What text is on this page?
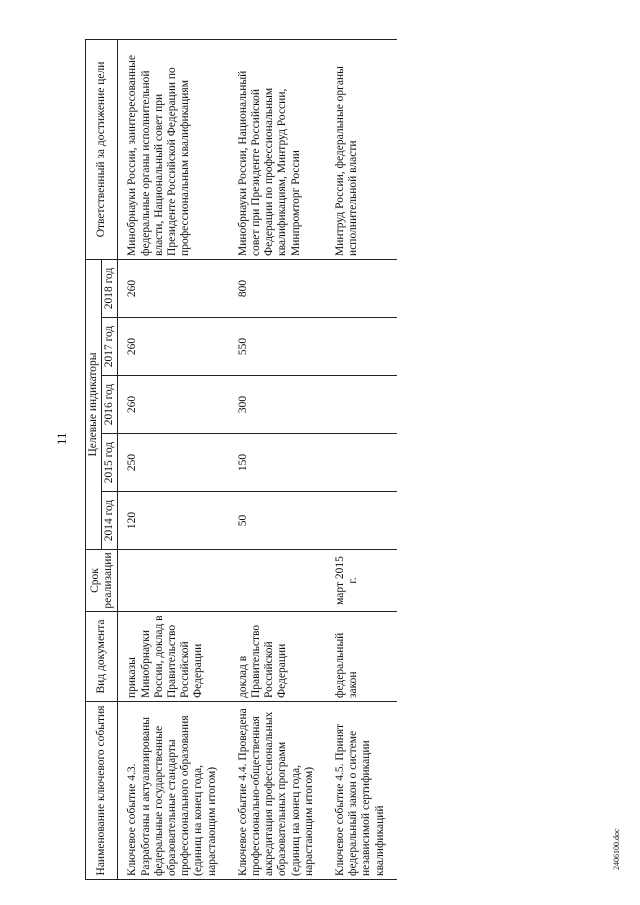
11
Наименование ключевого события	Вид документа	Срок реализации	Целевые индикаторы					Ответственный за достижение цели
			2014 год	2015 год	2016 год	2017 год	2018 год	
Ключевое событие 4.3. Разработаны и актуализированы федеральные государственные образовательные стандарты профессионального образования (единиц на конец года, нарастающим итогом)	приказы Минобрнауки России, доклад в Правительство Российской Федерации		120	250	260	260	260	Минобрнауки России, заинтересованные федеральные органы исполнительной власти, Национальный совет при Президенте Российской Федерации по профессиональным квалификациям
Ключевое событие 4.4. Проведена профессионально-общественная аккредитация профессиональных образовательных программ (единиц на конец года, нарастающим итогом)	доклад в Правительство Российской Федерации		50	150	300	550	800	Минобрнауки России, Национальный совет при Президенте Российской Федерации по профессиональным квалификациям, Минтруд России, Минпромторг России
Ключевое событие 4.5. Принят федеральный закон о системе независимой сертификации квалификаций	федеральный закон	март 2015 г.						Минтруд России, федеральные органы исполнительной власти
2406100.doc
